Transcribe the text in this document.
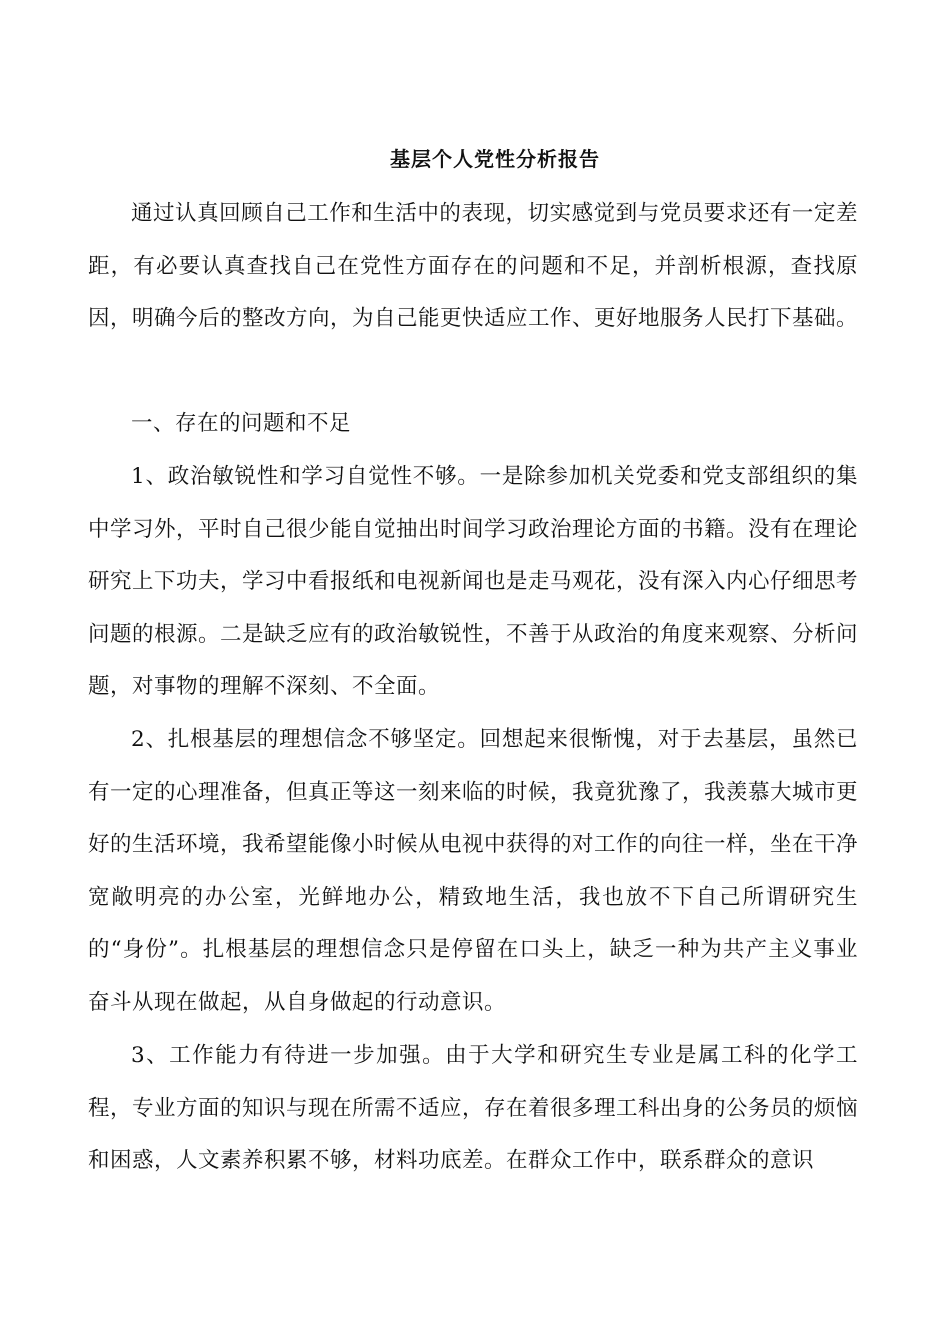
基层个人党性分析报告

通过认真回顾自己工作和生活中的表现，切实感觉到与党员要求还有一定差距，有必要认真查找自己在党性方面存在的问题和不足，并剖析根源，查找原因，明确今后的整改方向，为自己能更快适应工作、更好地服务人民打下基础。

一、存在的问题和不足

1、政治敏锐性和学习自觉性不够。一是除参加机关党委和党支部组织的集中学习外，平时自己很少能自觉抽出时间学习政治理论方面的书籍。没有在理论研究上下功夫，学习中看报纸和电视新闻也是走马观花，没有深入内心仔细思考问题的根源。二是缺乏应有的政治敏锐性，不善于从政治的角度来观察、分析问题，对事物的理解不深刻、不全面。

2、扎根基层的理想信念不够坚定。回想起来很惭愧，对于去基层，虽然已有一定的心理准备，但真正等这一刻来临的时候，我竟犹豫了，我羡慕大城市更好的生活环境，我希望能像小时候从电视中获得的对工作的向往一样，坐在干净宽敞明亮的办公室，光鲜地办公，精致地生活，我也放不下自己所谓研究生的“身份”。扎根基层的理想信念只是停留在口头上，缺乏一种为共产主义事业奋斗从现在做起，从自身做起的行动意识。

3、工作能力有待进一步加强。由于大学和研究生专业是属工科的化学工程，专业方面的知识与现在所需不适应，存在着很多理工科出身的公务员的烦恼和困惑，人文素养积累不够，材料功底差。在群众工作中，联系群众的意识
